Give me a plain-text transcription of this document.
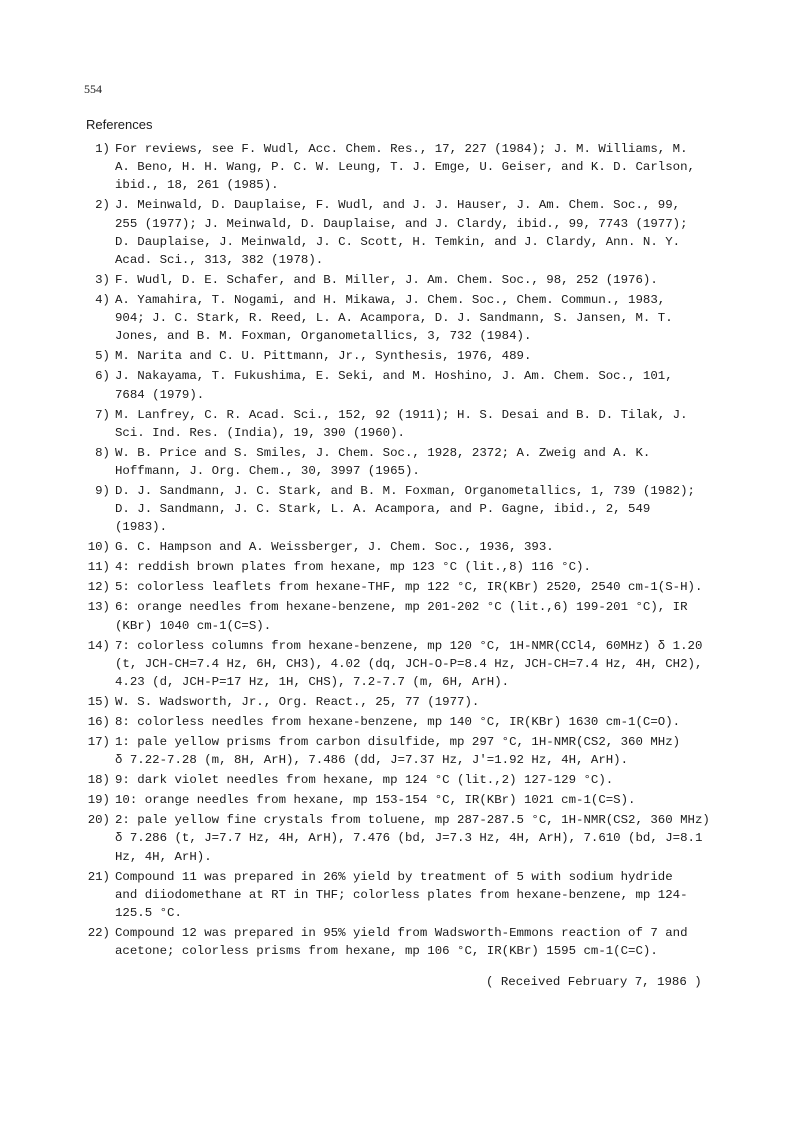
554
References
1) For reviews, see F. Wudl, Acc. Chem. Res., 17, 227 (1984); J. M. Williams, M.
A. Beno, H. H. Wang, P. C. W. Leung, T. J. Emge, U. Geiser, and K. D. Carlson,
ibid., 18, 261 (1985).
2) J. Meinwald, D. Dauplaise, F. Wudl, and J. J. Hauser, J. Am. Chem. Soc., 99,
255 (1977); J. Meinwald, D. Dauplaise, and J. Clardy, ibid., 99, 7743 (1977);
D. Dauplaise, J. Meinwald, J. C. Scott, H. Temkin, and J. Clardy, Ann. N. Y.
Acad. Sci., 313, 382 (1978).
3) F. Wudl, D. E. Schafer, and B. Miller, J. Am. Chem. Soc., 98, 252 (1976).
4) A. Yamahira, T. Nogami, and H. Mikawa, J. Chem. Soc., Chem. Commun., 1983,
904; J. C. Stark, R. Reed, L. A. Acampora, D. J. Sandmann, S. Jansen, M. T.
Jones, and B. M. Foxman, Organometallics, 3, 732 (1984).
5) M. Narita and C. U. Pittmann, Jr., Synthesis, 1976, 489.
6) J. Nakayama, T. Fukushima, E. Seki, and M. Hoshino, J. Am. Chem. Soc., 101,
7684 (1979).
7) M. Lanfrey, C. R. Acad. Sci., 152, 92 (1911); H. S. Desai and B. D. Tilak, J.
Sci. Ind. Res. (India), 19, 390 (1960).
8) W. B. Price and S. Smiles, J. Chem. Soc., 1928, 2372; A. Zweig and A. K.
Hoffmann, J. Org. Chem., 30, 3997 (1965).
9) D. J. Sandmann, J. C. Stark, and B. M. Foxman, Organometallics, 1, 739 (1982);
D. J. Sandmann, J. C. Stark, L. A. Acampora, and P. Gagne, ibid., 2, 549
(1983).
10) G. C. Hampson and A. Weissberger, J. Chem. Soc., 1936, 393.
11) 4: reddish brown plates from hexane, mp 123 °C (lit.,8) 116 °C).
12) 5: colorless leaflets from hexane-THF, mp 122 °C, IR(KBr) 2520, 2540 cm-1(S-H).
13) 6: orange needles from hexane-benzene, mp 201-202 °C (lit.,6) 199-201 °C), IR
(KBr) 1040 cm-1(C=S).
14) 7: colorless columns from hexane-benzene, mp 120 °C, 1H-NMR(CCl4, 60MHz) δ 1.20
(t, JCH-CH=7.4 Hz, 6H, CH3), 4.02 (dq, JCH-O-P=8.4 Hz, JCH-CH=7.4 Hz, 4H, CH2),
4.23 (d, JCH-P=17 Hz, 1H, CHS), 7.2-7.7 (m, 6H, ArH).
15) W. S. Wadsworth, Jr., Org. React., 25, 77 (1977).
16) 8: colorless needles from hexane-benzene, mp 140 °C, IR(KBr) 1630 cm-1(C=O).
17) 1: pale yellow prisms from carbon disulfide, mp 297 °C, 1H-NMR(CS2, 360 MHz)
δ 7.22-7.28 (m, 8H, ArH), 7.486 (dd, J=7.37 Hz, J'=1.92 Hz, 4H, ArH).
18) 9: dark violet needles from hexane, mp 124 °C (lit.,2) 127-129 °C).
19) 10: orange needles from hexane, mp 153-154 °C, IR(KBr) 1021 cm-1(C=S).
20) 2: pale yellow fine crystals from toluene, mp 287-287.5 °C, 1H-NMR(CS2, 360 MHz)
δ 7.286 (t, J=7.7 Hz, 4H, ArH), 7.476 (bd, J=7.3 Hz, 4H, ArH), 7.610 (bd, J=8.1
Hz, 4H, ArH).
21) Compound 11 was prepared in 26% yield by treatment of 5 with sodium hydride
and diiodomethane at RT in THF; colorless plates from hexane-benzene, mp 124-
125.5 °C.
22) Compound 12 was prepared in 95% yield from Wadsworth-Emmons reaction of 7 and
acetone; colorless prisms from hexane, mp 106 °C, IR(KBr) 1595 cm-1(C=C).
( Received February 7, 1986 )
